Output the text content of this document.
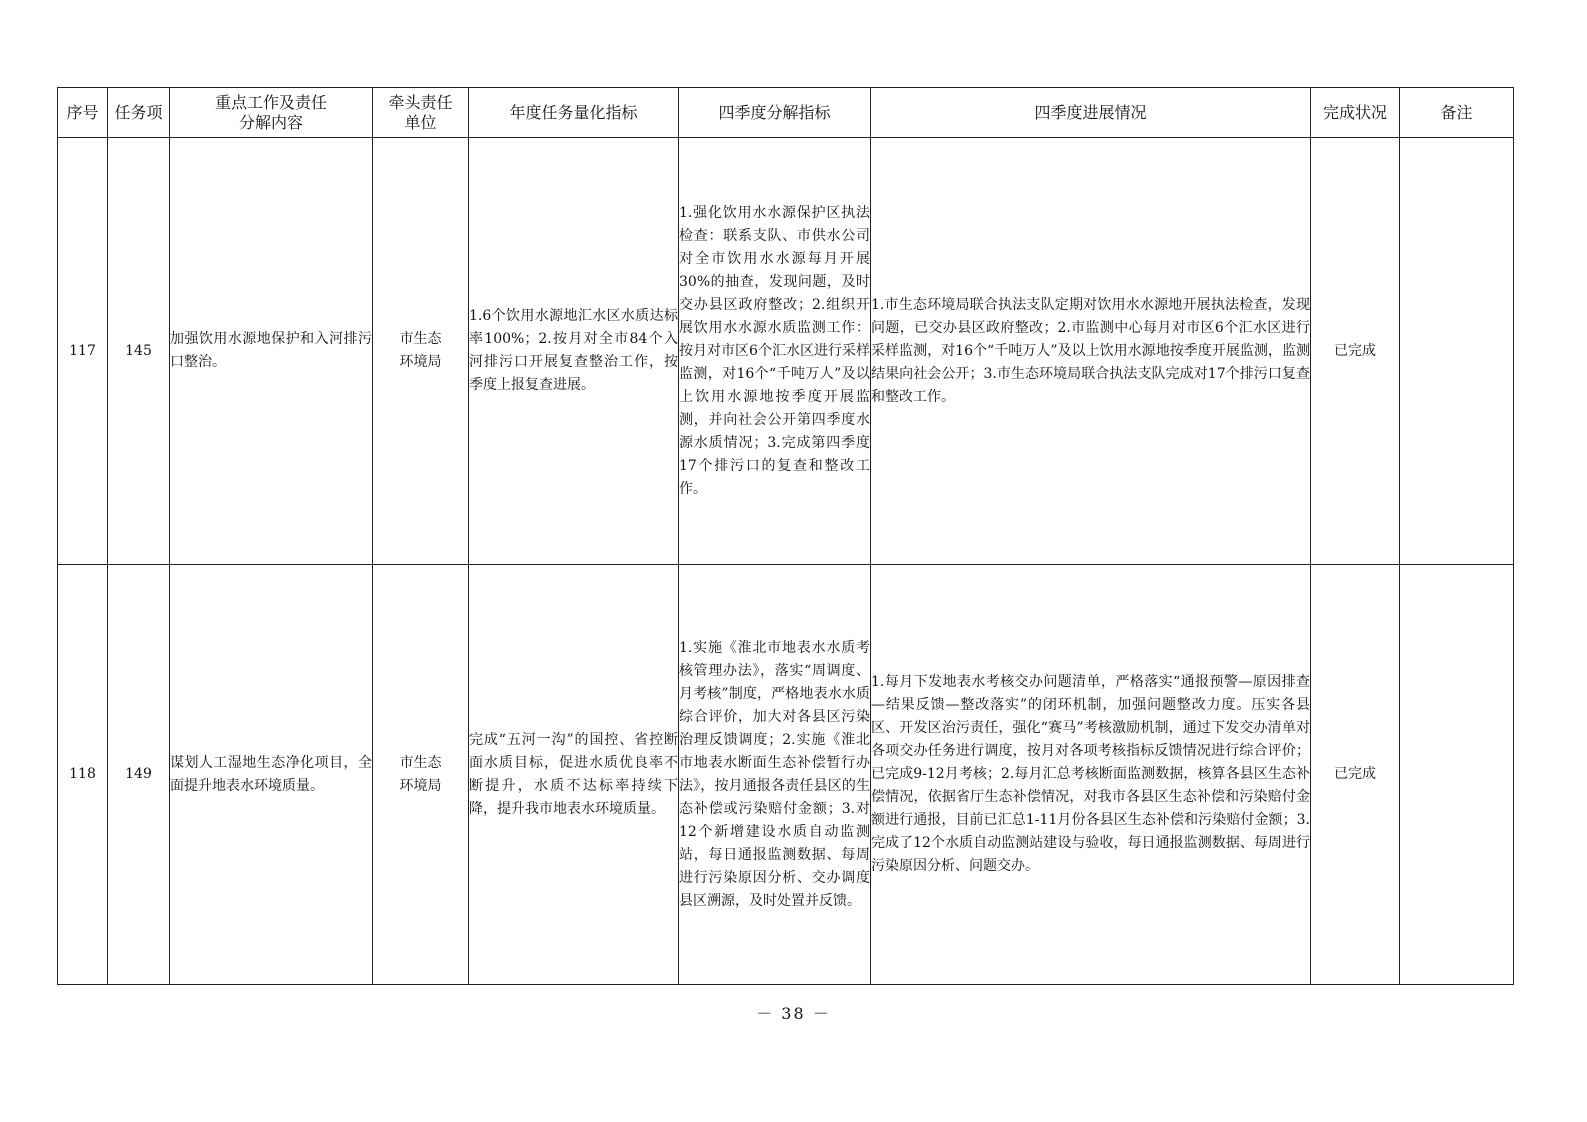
序号	任务项	重点工作及责任
分解内容	牵头责任
单位	年度任务量化指标	四季度分解指标	四季度进展情况	完成状况	备注
117	145	加强饮用水源地保护和入河排污口整治。	市生态
环境局	1.6个饮用水源地汇水区水质达标率100%；2.按月对全市84个入河排污口开展复查整治工作，按季度上报复查进展。	1.强化饮用水水源保护区执法检查：联系支队、市供水公司对全市饮用水水源每月开展30%的抽查，发现问题，及时交办县区政府整改；2.组织开展饮用水水源水质监测工作：按月对市区6个汇水区进行采样监测，对16个“千吨万人”及以上饮用水源地按季度开展监测，并向社会公开第四季度水源水质情况；3.完成第四季度17个排污口的复查和整改工作。	1.市生态环境局联合执法支队定期对饮用水水源地开展执法检查，发现问题，已交办县区政府整改；2.市监测中心每月对市区6个汇水区进行采样监测，对16个“千吨万人”及以上饮用水源地按季度开展监测，监测结果向社会公开；3.市生态环境局联合执法支队完成对17个排污口复查和整改工作。	已完成	
118	149	谋划人工湿地生态净化项目，全面提升地表水环境质量。	市生态
环境局	完成“五河一沟”的国控、省控断面水质目标，促进水质优良率不断提升，水质不达标率持续下降，提升我市地表水环境质量。	1.实施《淮北市地表水水质考核管理办法》，落实“周调度、月考核”制度，严格地表水水质综合评价，加大对各县区污染治理反馈调度；2.实施《淮北市地表水断面生态补偿暂行办法》，按月通报各责任县区的生态补偿或污染赔付金额；3.对12个新增建设水质自动监测站，每日通报监测数据、每周进行污染原因分析、交办调度县区溯源，及时处置并反馈。	1.每月下发地表水考核交办问题清单，严格落实“通报预警—原因排查—结果反馈—整改落实”的闭环机制，加强问题整改力度。压实各县区、开发区治污责任，强化“赛马”考核激励机制，通过下发交办清单对各项交办任务进行调度，按月对各项考核指标反馈情况进行综合评价；已完成9-12月考核；2.每月汇总考核断面监测数据，核算各县区生态补偿情况，依据省厅生态补偿情况，对我市各县区生态补偿和污染赔付金额进行通报，目前已汇总1-11月份各县区生态补偿和污染赔付金额；3.完成了12个水质自动监测站建设与验收，每日通报监测数据、每周进行污染原因分析、问题交办。	已完成	
－ 38 －
